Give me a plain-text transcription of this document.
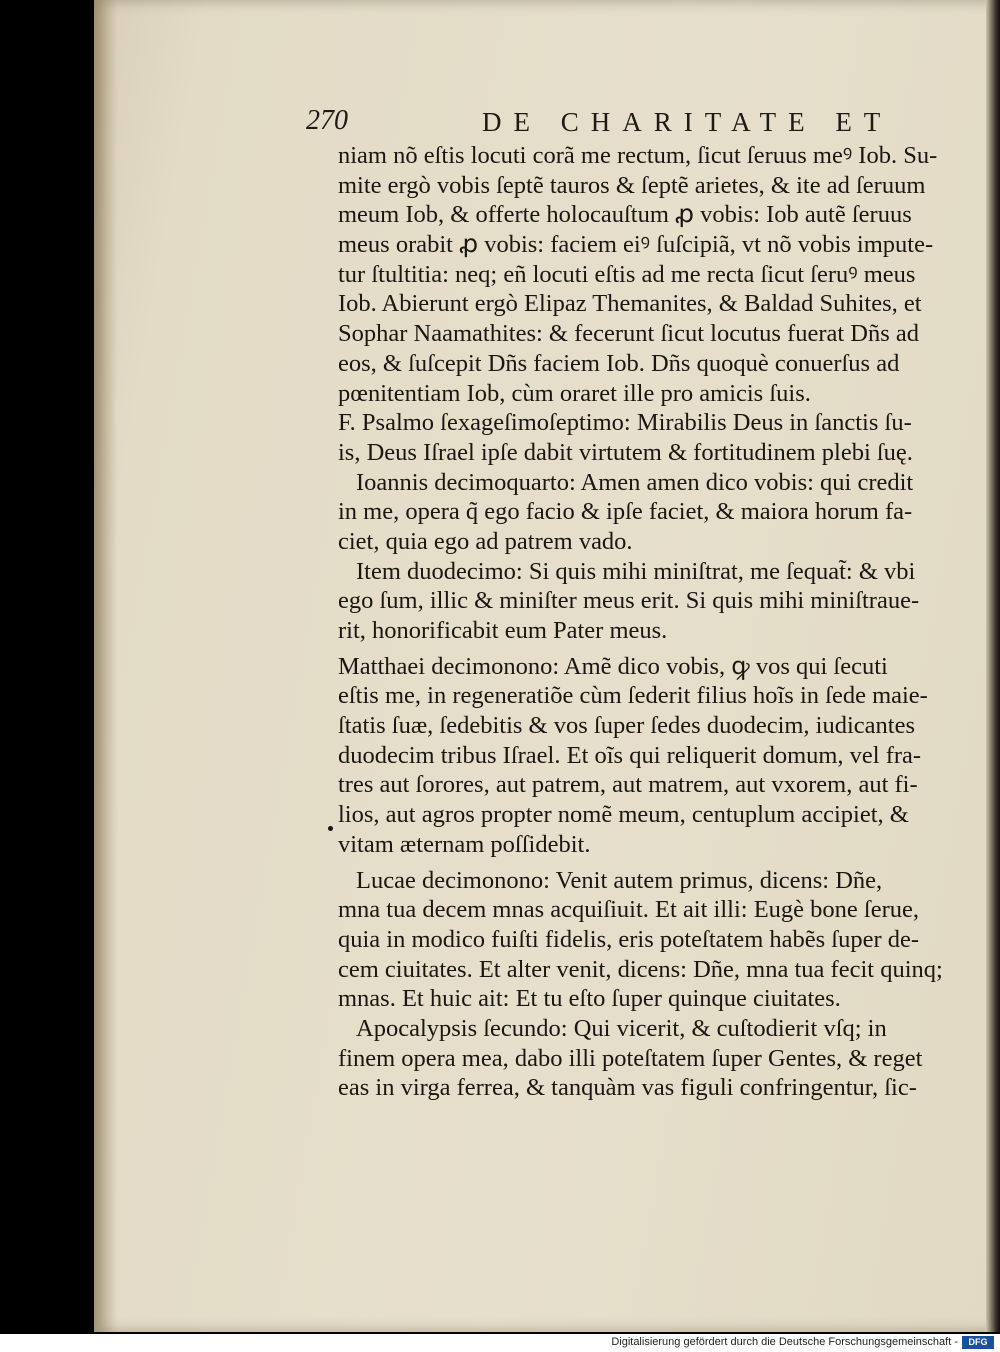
270	DE CHARITATE ET
niam nõ eſtis locuti corã me rectum, ſicut ſeruus meꝰ Iob. Su-
mite ergò vobis ſeptẽ tauros & ſeptẽ arietes, & ite ad ſeruum
meum Iob, & offerte holocauſtum ꝓ vobis: Iob autẽ ſeruus
meus orabit ꝓ vobis: faciem eiꝰ ſuſcipiã, vt nõ vobis impute-
tur ſtultitia: neq; eñ locuti eſtis ad me recta ſicut ſeruꝰ meus
Iob. Abierunt ergò Elipaz Themanites, & Baldad Suhites, et
Sophar Naamathites: & fecerunt ſicut locutus fuerat Dñs ad
eos, & ſuſcepit Dñs faciem Iob. Dñs quoquè conuerſus ad
pœnitentiam Iob, cùm oraret ille pro amicis ſuis.
F. Psalmo ſexageſimoſeptimo: Mirabilis Deus in ſanctis ſu-
is, Deus Iſrael ipſe dabit virtutem & fortitudinem plebi ſuę.
Ioannis decimoquarto: Amen amen dico vobis: qui credit
in me, opera q̃ ego facio & ipſe faciet, & maiora horum fa-
ciet, quia ego ad patrem vado.
Item duodecimo: Si quis mihi miniſtrat, me ſequat̃: & vbi
ego ſum, illic & miniſter meus erit. Si quis mihi miniſtraue-
rit, honorificabit eum Pater meus.
Matthaei decimonono: Amẽ dico vobis, ꝙ vos qui ſecuti
eſtis me, in regeneratiõe cùm ſederit filius hoĩs in ſede maie-
ſtatis ſuæ, ſedebitis & vos ſuper ſedes duodecim, iudicantes
duodecim tribus Iſrael. Et oĩs qui reliquerit domum, vel fra-
tres aut ſorores, aut patrem, aut matrem, aut vxorem, aut fi-
lios, aut agros propter nomẽ meum, centuplum accipiet, &
vitam æternam poſſidebit.
Lucae decimonono: Venit autem primus, dicens: Dñe,
mna tua decem mnas acquiſiuit. Et ait illi: Eugè bone ſerue,
quia in modico fuiſti fidelis, eris poteſtatem habẽs ſuper de-
cem ciuitates. Et alter venit, dicens: Dñe, mna tua fecit quinq;
mnas. Et huic ait: Et tu eſto ſuper quinque ciuitates.
Apocalypsis ſecundo: Qui vicerit, & cuſtodierit vſq; in
finem opera mea, dabo illi poteſtatem ſuper Gentes, & reget
eas in virga ferrea, & tanquàm vas figuli confringentur, ſic-
Digitalisierung gefördert durch die Deutsche Forschungsgemeinschaft -	DFG
